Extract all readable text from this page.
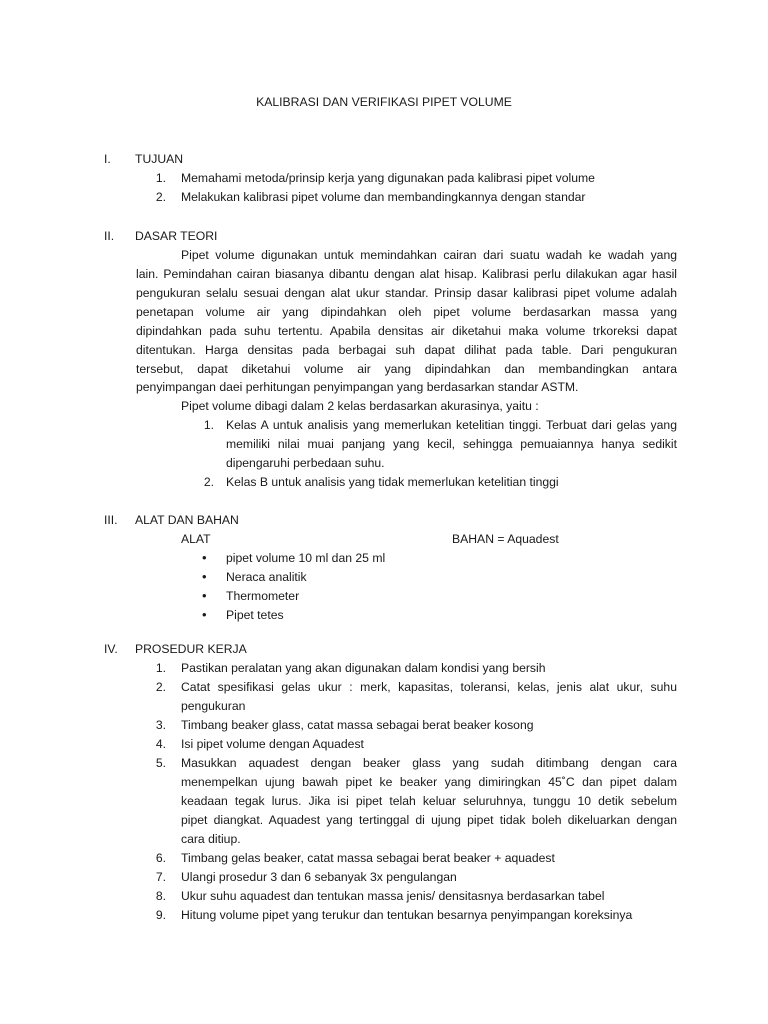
KALIBRASI DAN VERIFIKASI PIPET VOLUME
I. TUJUAN
1. Memahami metoda/prinsip kerja yang digunakan pada kalibrasi pipet volume
2. Melakukan kalibrasi pipet volume dan membandingkannya dengan standar
II. DASAR TEORI
Pipet volume digunakan untuk memindahkan cairan dari suatu wadah ke wadah yang
lain. Pemindahan cairan biasanya dibantu dengan alat hisap. Kalibrasi perlu dilakukan agar hasil
pengukuran selalu sesuai dengan alat ukur standar. Prinsip dasar kalibrasi pipet volume adalah
penetapan volume air yang dipindahkan oleh pipet volume berdasarkan massa yang
dipindahkan pada suhu tertentu. Apabila densitas air diketahui maka volume trkoreksi dapat
ditentukan. Harga densitas pada berbagai suh dapat dilihat pada table. Dari pengukuran
tersebut, dapat diketahui volume air yang dipindahkan dan membandingkan antara
penyimpangan daei perhitungan penyimpangan yang berdasarkan standar ASTM.
Pipet volume dibagi dalam 2 kelas berdasarkan akurasinya, yaitu :
1. Kelas A untuk analisis yang memerlukan ketelitian tinggi. Terbuat dari gelas yang
memiliki nilai muai panjang yang kecil, sehingga pemuaiannya hanya sedikit
dipengaruhi perbedaan suhu.
2. Kelas B untuk analisis yang tidak memerlukan ketelitian tinggi
III. ALAT DAN BAHAN
ALAT	BAHAN = Aquadest
• pipet volume 10 ml dan 25 ml
• Neraca analitik
• Thermometer
• Pipet tetes
IV. PROSEDUR KERJA
1. Pastikan peralatan yang akan digunakan dalam kondisi yang bersih
2. Catat spesifikasi gelas ukur : merk, kapasitas, toleransi, kelas, jenis alat ukur, suhu
pengukuran
3. Timbang beaker glass, catat massa sebagai berat beaker kosong
4. Isi pipet volume dengan Aquadest
5. Masukkan aquadest dengan beaker glass yang sudah ditimbang dengan cara
menempelkan ujung bawah pipet ke beaker yang dimiringkan 45˚C dan pipet dalam
keadaan tegak lurus. Jika isi pipet telah keluar seluruhnya, tunggu 10 detik sebelum
pipet diangkat. Aquadest yang tertinggal di ujung pipet tidak boleh dikeluarkan dengan
cara ditiup.
6. Timbang gelas beaker, catat massa sebagai berat beaker + aquadest
7. Ulangi prosedur 3 dan 6 sebanyak 3x pengulangan
8. Ukur suhu aquadest dan tentukan massa jenis/ densitasnya berdasarkan tabel
9. Hitung volume pipet yang terukur dan tentukan besarnya penyimpangan koreksinya
